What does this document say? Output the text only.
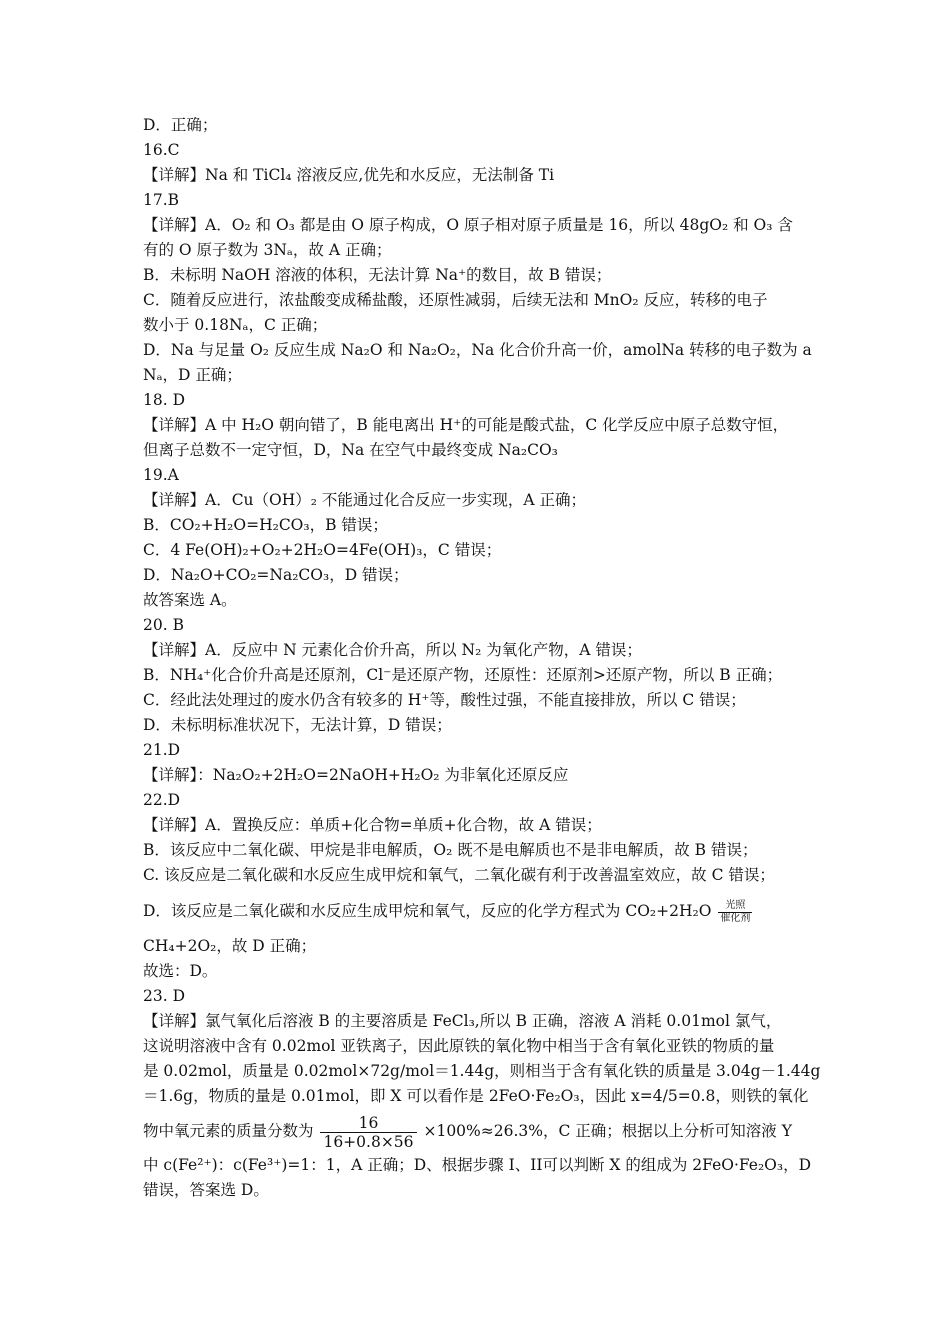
D．正确；
16.C
【详解】Na 和 TiCl₄ 溶液反应,优先和水反应，无法制备 Ti
17.B
【详解】A．O₂ 和 O₃ 都是由 O 原子构成，O 原子相对原子质量是 16，所以 48gO₂ 和 O₃ 含
有的 O 原子数为 3Nₐ，故 A 正确；
B．未标明 NaOH 溶液的体积，无法计算 Na⁺的数目，故 B 错误；
C．随着反应进行，浓盐酸变成稀盐酸，还原性减弱，后续无法和 MnO₂ 反应，转移的电子
数小于 0.18Nₐ，C 正确；
D．Na 与足量 O₂ 反应生成 Na₂O 和 Na₂O₂，Na 化合价升高一价，amolNa 转移的电子数为 a
Nₐ，D 正确；
18. D
【详解】A 中 H₂O 朝向错了，B 能电离出 H⁺的可能是酸式盐，C 化学反应中原子总数守恒，
但离子总数不一定守恒，D，Na 在空气中最终变成 Na₂CO₃
19.A
【详解】A．Cu（OH）₂ 不能通过化合反应一步实现，A 正确；
B．CO₂+H₂O=H₂CO₃，B 错误；
C．4 Fe(OH)₂+O₂+2H₂O=4Fe(OH)₃，C 错误；
D．Na₂O+CO₂=Na₂CO₃，D 错误；
故答案选 A。
20. B
【详解】A．反应中 N 元素化合价升高，所以 N₂ 为氧化产物，A 错误；
B．NH₄⁺化合价升高是还原剂，Cl⁻是还原产物，还原性：还原剂>还原产物，所以 B 正确；
C．经此法处理过的废水仍含有较多的 H⁺等，酸性过强，不能直接排放，所以 C 错误；
D．未标明标准状况下，无法计算，D 错误；
21.D
【详解】：Na₂O₂+2H₂O=2NaOH+H₂O₂ 为非氧化还原反应
22.D
【详解】A．置换反应：单质+化合物=单质+化合物，故 A 错误；
B．该反应中二氧化碳、甲烷是非电解质，O₂ 既不是电解质也不是非电解质，故 B 错误；
C. 该反应是二氧化碳和水反应生成甲烷和氧气，二氧化碳有利于改善温室效应，故 C 错误；
D．该反应是二氧化碳和水反应生成甲烷和氧气，反应的化学方程式为 CO₂+2H₂O	光照
催化剂
CH₄+2O₂，故 D 正确；
故选：D。
23. D
【详解】氯气氧化后溶液 B 的主要溶质是 FeCl₃,所以 B 正确，溶液 A 消耗 0.01mol 氯气，
这说明溶液中含有 0.02mol 亚铁离子，因此原铁的氧化物中相当于含有氧化亚铁的物质的量
是 0.02mol，质量是 0.02mol×72g/mol＝1.44g，则相当于含有氧化铁的质量是 3.04g－1.44g
＝1.6g，物质的量是 0.01mol，即 X 可以看作是 2FeO·Fe₂O₃，因此 x=4/5=0.8，则铁的氧化
物中氧元素的质量分数为 $\frac{16}{16+0.8\times 56} \times 100\%\approx 26.3\%$，C 正确；根据以上分析可知溶液 Y
中 c(Fe²⁺)：c(Fe³⁺)=1：1，A 正确；D、根据步骤 I、II可以判断 X 的组成为 2FeO·Fe₂O₃，D
错误，答案选 D。
